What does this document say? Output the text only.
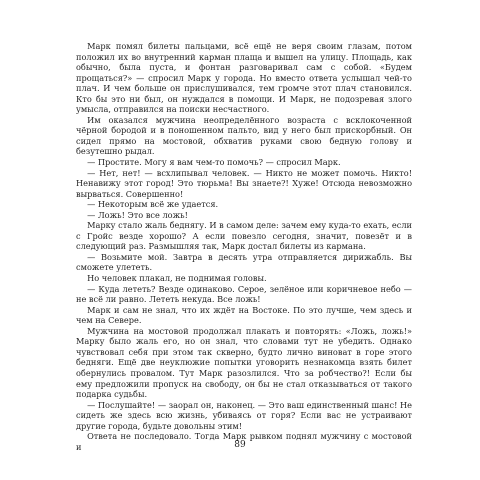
Марк помял билеты пальцами, всё ещё не веря своим глазам, потом положил их во внутренний карман плаща и вышел на улицу. Площадь, как обычно, была пуста, и фонтан разговаривал сам с собой. «Будем прощаться?» — спросил Марк у города. Но вместо ответа услышал чей-то плач. И чем больше он прислушивался, тем громче этот плач становился. Кто бы это ни был, он нуждался в помощи. И Марк, не подозревая злого умысла, отправился на поиски несчастного.

Им оказался мужчина неопределённого возраста с всклокоченной чёрной бородой и в поношенном пальто, вид у него был прискорбный. Он сидел прямо на мостовой, обхватив руками свою бедную голову и безутешно рыдал.

— Простите. Могу я вам чем-то помочь? — спросил Марк.

— Нет, нет! — всхлипывал человек. — Никто не может помочь. Никто! Ненавижу этот город! Это тюрьма! Вы знаете?! Хуже! Отсюда невозможно вырваться. Совершенно!

— Некоторым всё же удается.

— Ложь! Это все ложь!

Марку стало жаль беднягу. И в самом деле: зачем ему куда-то ехать, если с Гройс везде хорошо? А если повезло сегодня, значит, повезёт и в следующий раз. Размышляя так, Марк достал билеты из кармана.

— Возьмите мой. Завтра в десять утра отправляется дирижабль. Вы сможете улететь.

Но человек плакал, не поднимая головы.

— Куда лететь? Везде одинаково. Серое, зелёное или коричневое небо — не всё ли равно. Лететь некуда. Все ложь!

Марк и сам не знал, что их ждёт на Востоке. По это лучше, чем здесь и чем на Севере.

Мужчина на мостовой продолжал плакать и повторять: «Ложь, ложь!» Марку было жаль его, но он знал, что словами тут не убедить. Однако чувствовал себя при этом так скверно, будто лично виноват в горе этого бедняги. Ещё две неуклюжие попытки уговорить незнакомца взять билет обернулись провалом. Тут Марк разозлился. Что за робчество?! Если бы ему предложили пропуск на свободу, он бы не стал отказываться от такого подарка судьбы.

— Послушайте! — заорал он, наконец. — Это ваш единственный шанс! Не сидеть же здесь всю жизнь, убиваясь от горя? Если вас не устраивают другие города, будьте довольны этим!

Ответа не последовало. Тогда Марк рывком поднял мужчину с мостовой и	89
